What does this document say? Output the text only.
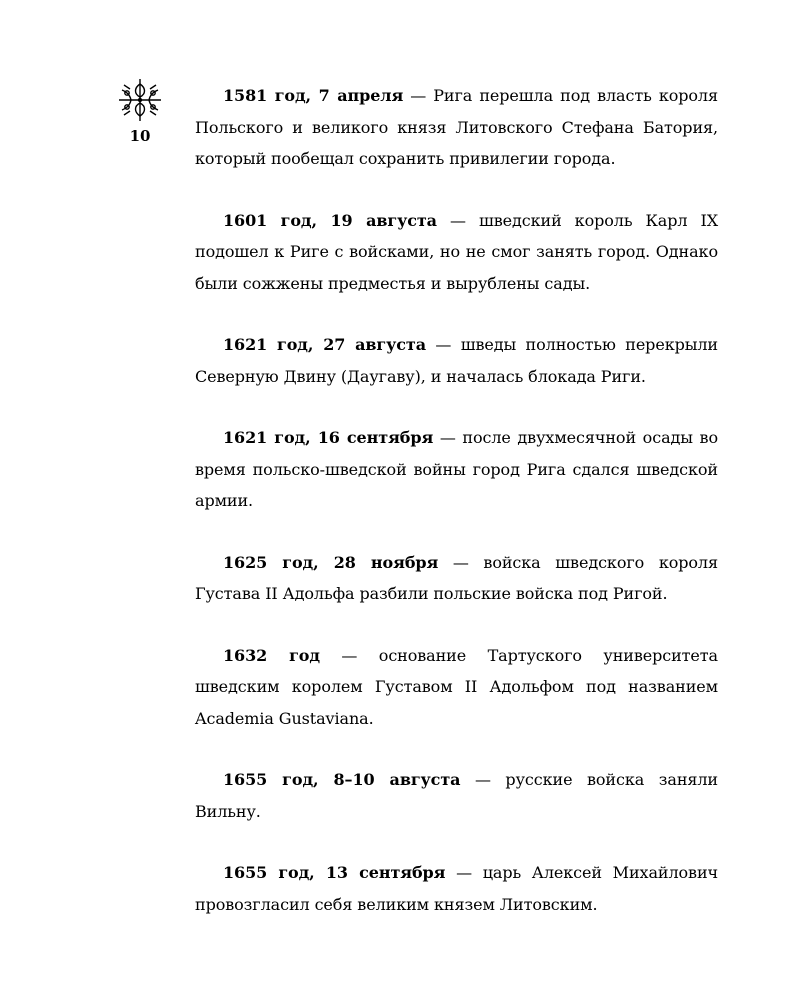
10

1581 год, 7 апреля — Рига перешла под власть короля Польского и великого князя Литовского Стефана Батория, который пообещал сохранить привилегии города.

1601 год, 19 августа — шведский король Карл IX подошел к Риге с войсками, но не смог занять город. Однако были сожжены предместья и вырублены сады.

1621 год, 27 августа — шведы полностью перекрыли Северную Двину (Даугаву), и началась блокада Риги.

1621 год, 16 сентября — после двухмесячной осады во время польско-шведской войны город Рига сдался шведской армии.

1625 год, 28 ноября — войска шведского короля Густава II Адольфа разбили польские войска под Ригой.

1632 год — основание Тартуского университета шведским королем Густавом II Адольфом под названием Academia Gustaviana.

1655 год, 8–10 августа — русские войска заняли Вильну.

1655 год, 13 сентября — царь Алексей Михайлович провозгласил себя великим князем Литовским.
